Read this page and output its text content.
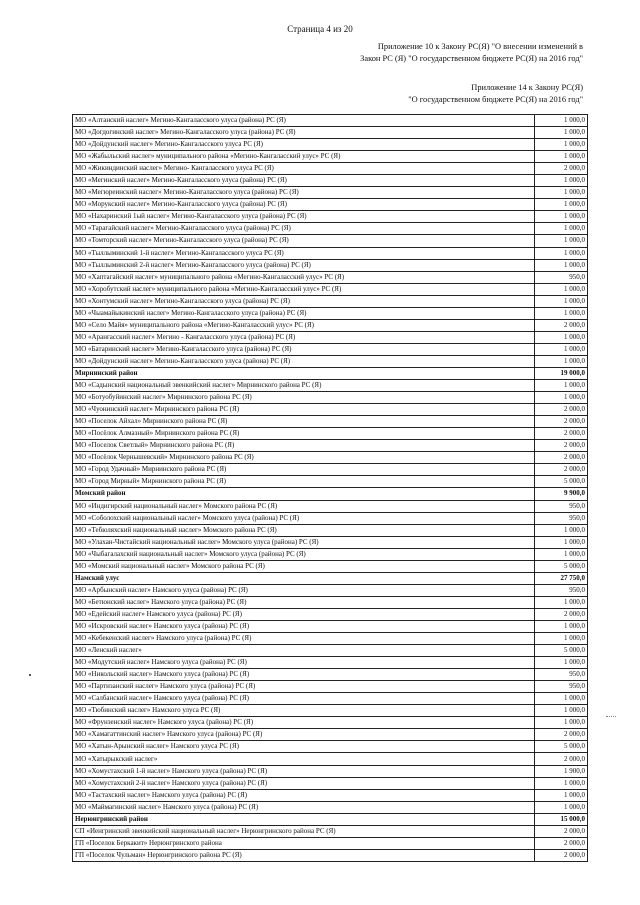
Страница 4 из 20
Приложение 10 к Закону РС(Я) "О внесении изменений в
Закон РС (Я) "О государственном бюджете РС(Я) на 2016 год"
Приложение 14 к Закону РС(Я)
"О государственном бюджете РС(Я) на 2016 год"
МО «Алтанский наслег» Мегино-Кангаласского улуса (района) РС (Я)	1 000,0
МО «Догдогинский наслег» Мегино-Кангаласского улуса (района) РС (Я)	1 000,0
МО «Дойдунский наслег» Мегино-Кангаласского улуса РС (Я)	1 000,0
МО «Жабыльский наслег» муниципального района «Мегино-Кангаласский улус» РС (Я)	1 000,0
МО «Жикиндинский наслег» Мегино- Кангаласского улуса РС (Я)	2 000,0
МО «Мегинский наслег» Мегино-Кангаласского улуса (района) РС (Я)	1 000,0
МО «Мегюреинский наслег» Мегино-Кангаласского улуса (района) РС (Я)	1 000,0
МО «Морукский наслег» Мегино-Кангаласского улуса (района) РС (Я)	1 000,0
МО «Нахаринский 1ый наслег» Мегино-Кангаласского улуса (района) РС (Я)	1 000,0
МО «Тарагайский наслег» Мегино-Кангаласского улуса (района) РС (Я)	1 000,0
МО «Томторский наслег» Мегино-Кангаласского улуса (района) РС (Я)	1 000,0
МО «Тыллыминский 1-й наслег» Мегино-Кангаласского улуса РС (Я)	1 000,0
МО «Тыллыминский 2-й наслег» Мегино-Кангаласского улуса (района) РС (Я)	1 000,0
МО «Хаптагайский наслег» муниципального района «Мегино-Кангаласский улус» РС (Я)	950,0
МО «Хоробутский наслег» муниципального района «Мегино-Кангаласский улус» РС (Я)	1 000,0
МО «Хонтумский наслег» Мегино-Кангаласского улуса (района) РС (Я)	1 000,0
МО «Чыамайыкинский наслег» Мегино-Кангаласского улуса (района) РС (Я)	1 000,0
МО «Село Майя» муниципального района «Мегино-Кангаласский улус» РС (Я)	2 000,0
МО «Арангасский наслег» Мегино - Кангаласского улуса (района) РС (Я)	1 000,0
МО «Батаринский наслег» Мегино-Кангаласского улуса (района) РС (Я)	1 000,0
МО «Дойдунский наслег» Мегино-Кангаласского улуса (района) РС (Я)	1 000,0
Мирнинский район	19 000,0
МО «Садынский национальный эвенкийский наслег» Мирнинского района РС (Я)	1 000,0
МО «Ботуобуйинский наслег» Мирнинского района РС (Я)	1 000,0
МО «Чуонинский наслег» Мирнинского района РС (Я)	2 000,0
МО «Поселок Айхал» Мирнинского района РС (Я)	2 000,0
МО «Посёлок Алмазный» Мирнинского района РС (Я)	2 000,0
МО «Поселок Светлый» Мирнинского района РС (Я)	2 000,0
МО «Посёлок Чернышевский» Мирнинского района РС (Я)	2 000,0
МО «Город Удачный» Мирнинского района РС (Я)	2 000,0
МО «Город Мирный» Мирнинского района РС (Я)	5 000,0
Момский район	9 900,0
МО «Индигирский национальный наслег» Момского района РС (Я)	950,0
МО «Соболохский национальный наслег» Момского улуса (района) РС (Я)	950,0
МО «Тебюляхский национальный наслег» Момского района РС (Я)	1 000,0
МО «Улахан-Чистайский национальный наслег» Момского улуса (района) РС (Я)	1 000,0
МО «Чыбагалахский национальный наслег» Момского улуса (района) РС (Я)	1 000,0
МО «Момский национальный наслег» Момского района РС (Я)	5 000,0
Намский улус	27 750,0
МО «Арбынский наслег» Намского улуса (района) РС (Я)	950,0
МО «Бетюнский наслег» Намского улуса (района) РС (Я)	1 000,0
МО «Едейский наслег» Намского улуса (района) РС (Я)	2 000,0
МО «Искровский наслег» Намского улуса (района) РС (Я)	1 000,0
МО «Кебекенский наслег» Намского улуса (района) РС (Я)	1 000,0
МО «Ленский наслег»	5 000,0
МО «Модутский наслег» Намского улуса (района) РС (Я)	1 000,0
МО «Никольский наслег» Намского улуса (района) РС (Я)	950,0
МО «Партизанский наслег» Намского улуса (района) РС (Я)	950,0
МО «Салбанский наслег» Намского улуса (района) РС (Я)	1 000,0
МО «Тюбинский наслег» Намского улуса РС (Я)	1 000,0
МО «Фрунзенский наслег» Намского улуса (района) РС (Я)	1 000,0
МО «Хамагаттинский наслег» Намского улуса (района) РС (Я)	2 000,0
МО «Хатын-Арынский наслег» Намского улуса РС (Я)	5 000,0
МО «Хатырыкский наслег»	2 000,0
МО «Хомустахский 1-й наслег» Намского улуса (района) РС (Я)	1 900,0
МО «Хомустахский 2-й наслег» Намского улуса (района) РС (Я)	1 000,0
МО «Тастахский наслег» Намского улуса (района) РС (Я)	1 000,0
МО «Маймагинский наслег» Намского улуса (района) РС (Я)	1 000,0
Нерюнгринский район	15 000,0
СП «Иенгринский эвенкийский национальный наслег» Нерюнгринского района РС (Я)	2 000,0
ГП «Поселок Беркакит» Нерюнгринского района	2 000,0
ГП «Поселок Чульман» Нерюнгринского района РС (Я)	2 000,0
